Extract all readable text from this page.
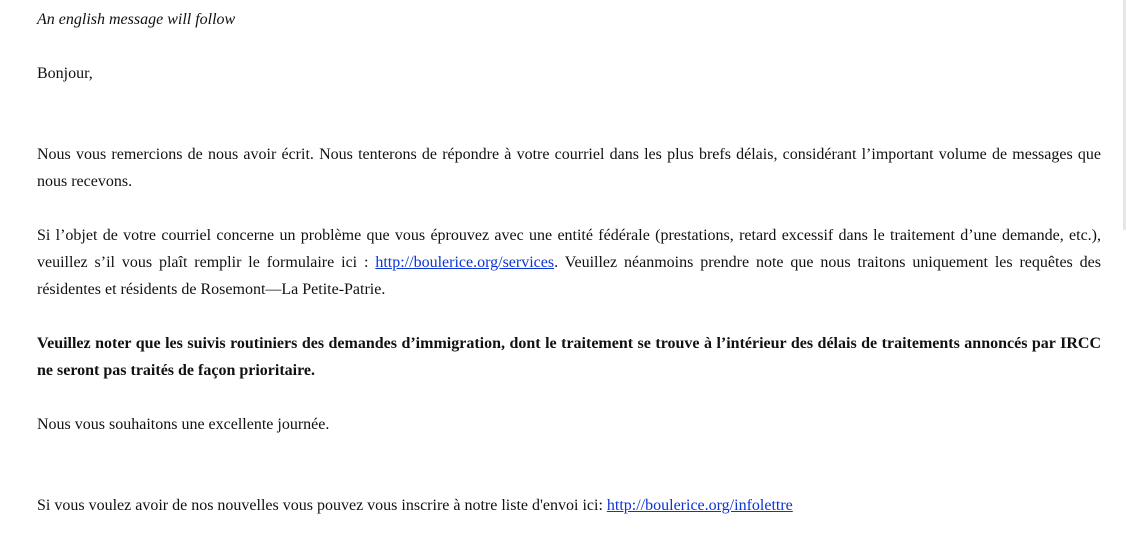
An english message will follow

Bonjour,

Nous vous remercions de nous avoir écrit. Nous tenterons de répondre à votre courriel dans les plus brefs délais, considérant l’important volume de messages que nous recevons.

Si l’objet de votre courriel concerne un problème que vous éprouvez avec une entité fédérale (prestations, retard excessif dans le traitement d’une demande, etc.), veuillez s’il vous plaît remplir le formulaire ici : http://boulerice.org/services. Veuillez néanmoins prendre note que nous traitons uniquement les requêtes des résidentes et résidents de Rosemont—La Petite-Patrie.

Veuillez noter que les suivis routiniers des demandes d’immigration, dont le traitement se trouve à l’intérieur des délais de traitements annoncés par IRCC ne seront pas traités de façon prioritaire.

Nous vous souhaitons une excellente journée.

Si vous voulez avoir de nos nouvelles vous pouvez vous inscrire à notre liste d'envoi ici: http://boulerice.org/infolettre
